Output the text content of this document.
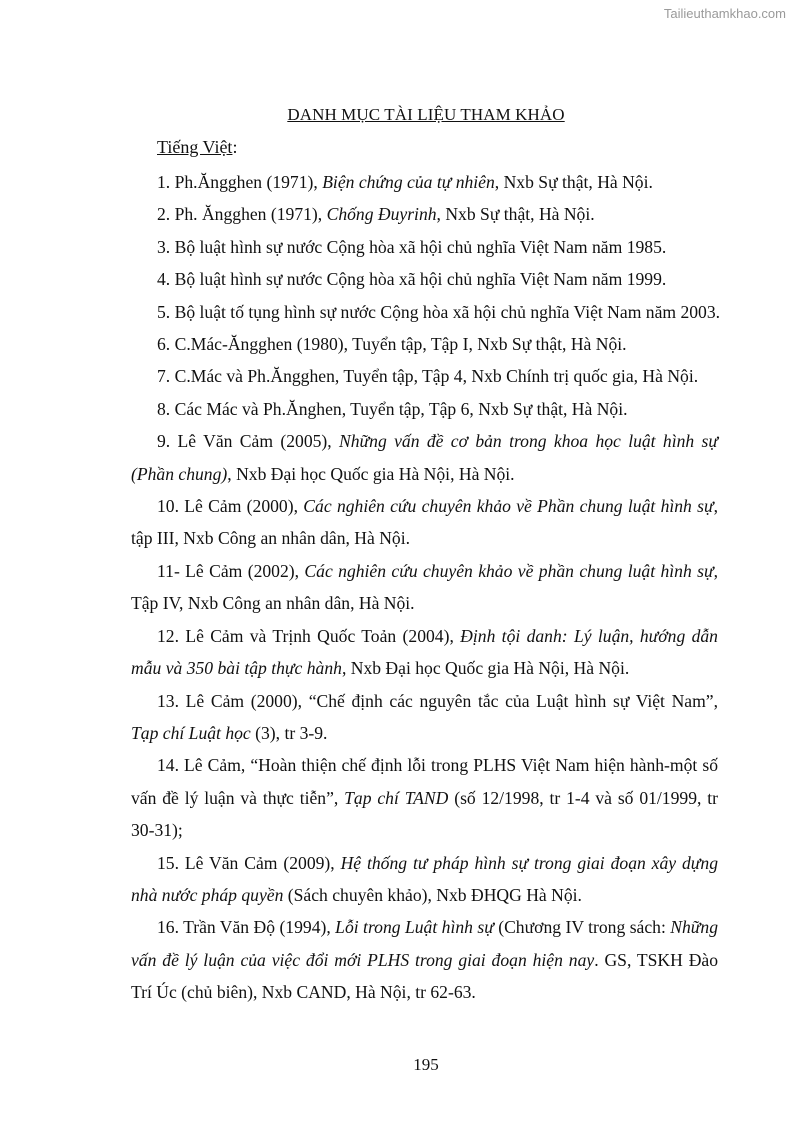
Tailieuthamkhao.com
DANH MỤC TÀI LIỆU THAM KHẢO
Tiếng Việt:

1. Ph.Ăngghen (1971), Biện chứng của tự nhiên, Nxb Sự thật, Hà Nội.

2. Ph. Ăngghen (1971), Chống Đuyrinh, Nxb Sự thật, Hà Nội.

3. Bộ luật hình sự nước Cộng hòa xã hội chủ nghĩa Việt Nam năm 1985.

4. Bộ luật hình sự nước Cộng hòa xã hội chủ nghĩa Việt Nam năm 1999.

5. Bộ luật tố tụng hình sự nước Cộng hòa xã hội chủ nghĩa Việt Nam năm 2003.

6. C.Mác-Ăngghen (1980), Tuyển tập, Tập I, Nxb Sự thật, Hà Nội.

7. C.Mác và Ph.Ăngghen, Tuyển tập, Tập 4, Nxb Chính trị quốc gia, Hà Nội.

8. Các Mác và Ph.Ănghen, Tuyển tập, Tập 6, Nxb Sự thật, Hà Nội.

9. Lê Văn Cảm (2005), Những vấn đề cơ bản trong khoa học luật hình sự (Phần chung), Nxb Đại học Quốc gia Hà Nội, Hà Nội.

10. Lê Cảm (2000), Các nghiên cứu chuyên khảo về Phần chung luật hình sự, tập III, Nxb Công an nhân dân, Hà Nội.

11- Lê Cảm (2002), Các nghiên cứu chuyên khảo về phần chung luật hình sự, Tập IV, Nxb Công an nhân dân, Hà Nội.

12. Lê Cảm và Trịnh Quốc Toản (2004), Định tội danh: Lý luận, hướng dẫn mẫu và 350 bài tập thực hành, Nxb Đại học Quốc gia Hà Nội, Hà Nội.

13. Lê Cảm (2000), “Chế định các nguyên tắc của Luật hình sự Việt Nam”, Tạp chí Luật học (3), tr 3-9.

14. Lê Cảm, “Hoàn thiện chế định lỗi trong PLHS Việt Nam hiện hành-một số vấn đề lý luận và thực tiễn”, Tạp chí TAND (số 12/1998, tr 1-4 và số 01/1999, tr 30-31);

15. Lê Văn Cảm (2009), Hệ thống tư pháp hình sự trong giai đoạn xây dựng nhà nước pháp quyền (Sách chuyên khảo), Nxb ĐHQG Hà Nội.

16. Trần Văn Độ (1994), Lỗi trong Luật hình sự (Chương IV trong sách: Những vấn đề lý luận của việc đổi mới PLHS trong giai đoạn hiện nay. GS, TSKH Đào Trí Úc (chủ biên), Nxb CAND, Hà Nội, tr 62-63.

195
